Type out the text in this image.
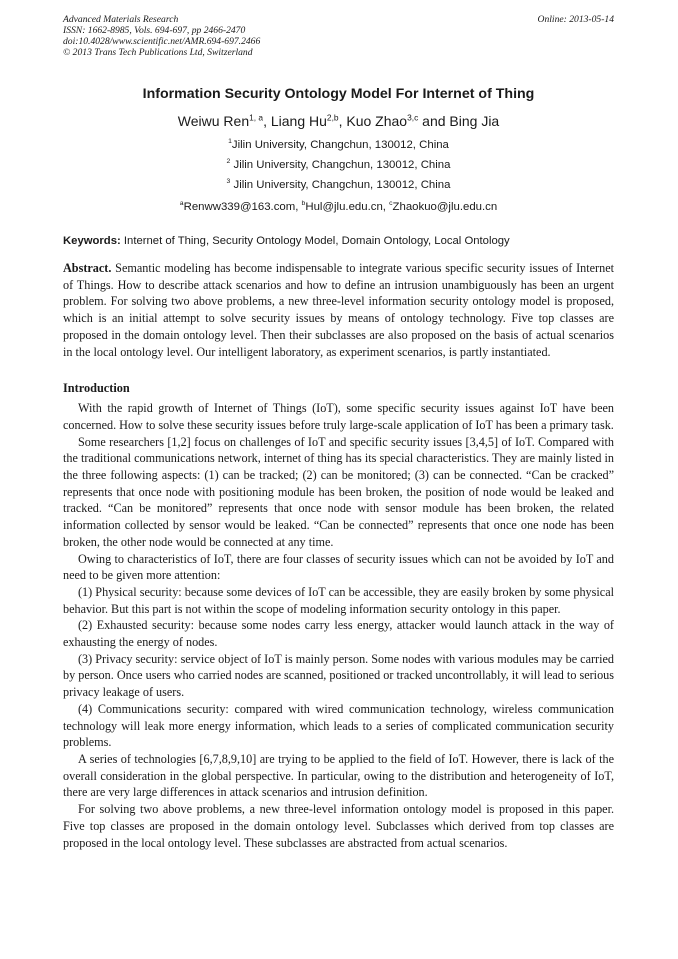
Advanced Materials Research
ISSN: 1662-8985, Vols. 694-697, pp 2466-2470
doi:10.4028/www.scientific.net/AMR.694-697.2466
© 2013 Trans Tech Publications Ltd, Switzerland
Online: 2013-05-14
Information Security Ontology Model For Internet of Thing
Weiwu Ren$^{1, a}$, Liang Hu$^{2,b}$, Kuo Zhao$^{3,c}$ and Bing Jia
$^1$Jilin University, Changchun, 130012, China
$^2$ Jilin University, Changchun, 130012, China
$^3$ Jilin University, Changchun, 130012, China
$^a$Renww339@163.com, $^b$Hul@jlu.edu.cn, $^c$Zhaokuo@jlu.edu.cn
Keywords: Internet of Thing, Security Ontology Model, Domain Ontology, Local Ontology
Abstract. Semantic modeling has become indispensable to integrate various specific security issues of Internet of Things. How to describe attack scenarios and how to define an intrusion unambiguously has been an urgent problem. For solving two above problems, a new three-level information security ontology model is proposed, which is an initial attempt to solve security issues by means of ontology technology. Five top classes are proposed in the domain ontology level. Then their subclasses are also proposed on the basis of actual scenarios in the local ontology level. Our intelligent laboratory, as experiment scenarios, is partly instantiated.
Introduction

With the rapid growth of Internet of Things (IoT), some specific security issues against IoT have been concerned. How to solve these security issues before truly large-scale application of IoT has been a primary task.

Some researchers [1,2] focus on challenges of IoT and specific security issues [3,4,5] of IoT. Compared with the traditional communications network, internet of thing has its special characteristics. They are mainly listed in the three following aspects: (1) can be tracked; (2) can be monitored; (3) can be connected. “Can be cracked” represents that once node with positioning module has been broken, the position of node would be leaked and tracked. “Can be monitored” represents that once node with sensor module has been broken, the related information collected by sensor would be leaked. “Can be connected” represents that once one node has been broken, the other node would be connected at any time.

Owing to characteristics of IoT, there are four classes of security issues which can not be avoided by IoT and need to be given more attention:

(1) Physical security: because some devices of IoT can be accessible, they are easily broken by some physical behavior. But this part is not within the scope of modeling information security ontology in this paper.

(2) Exhausted security: because some nodes carry less energy, attacker would launch attack in the way of exhausting the energy of nodes.

(3) Privacy security: service object of IoT is mainly person. Some nodes with various modules may be carried by person. Once users who carried nodes are scanned, positioned or tracked uncontrollably, it will lead to serious privacy leakage of users.

(4) Communications security: compared with wired communication technology, wireless communication technology will leak more energy information, which leads to a series of complicated communication security problems.

A series of technologies [6,7,8,9,10] are trying to be applied to the field of IoT. However, there is lack of the overall consideration in the global perspective. In particular, owing to the distribution and heterogeneity of IoT, there are very large differences in attack scenarios and intrusion definition.

For solving two above problems, a new three-level information ontology model is proposed in this paper. Five top classes are proposed in the domain ontology level. Subclasses which derived from top classes are proposed in the local ontology level. These subclasses are abstracted from actual scenarios.
